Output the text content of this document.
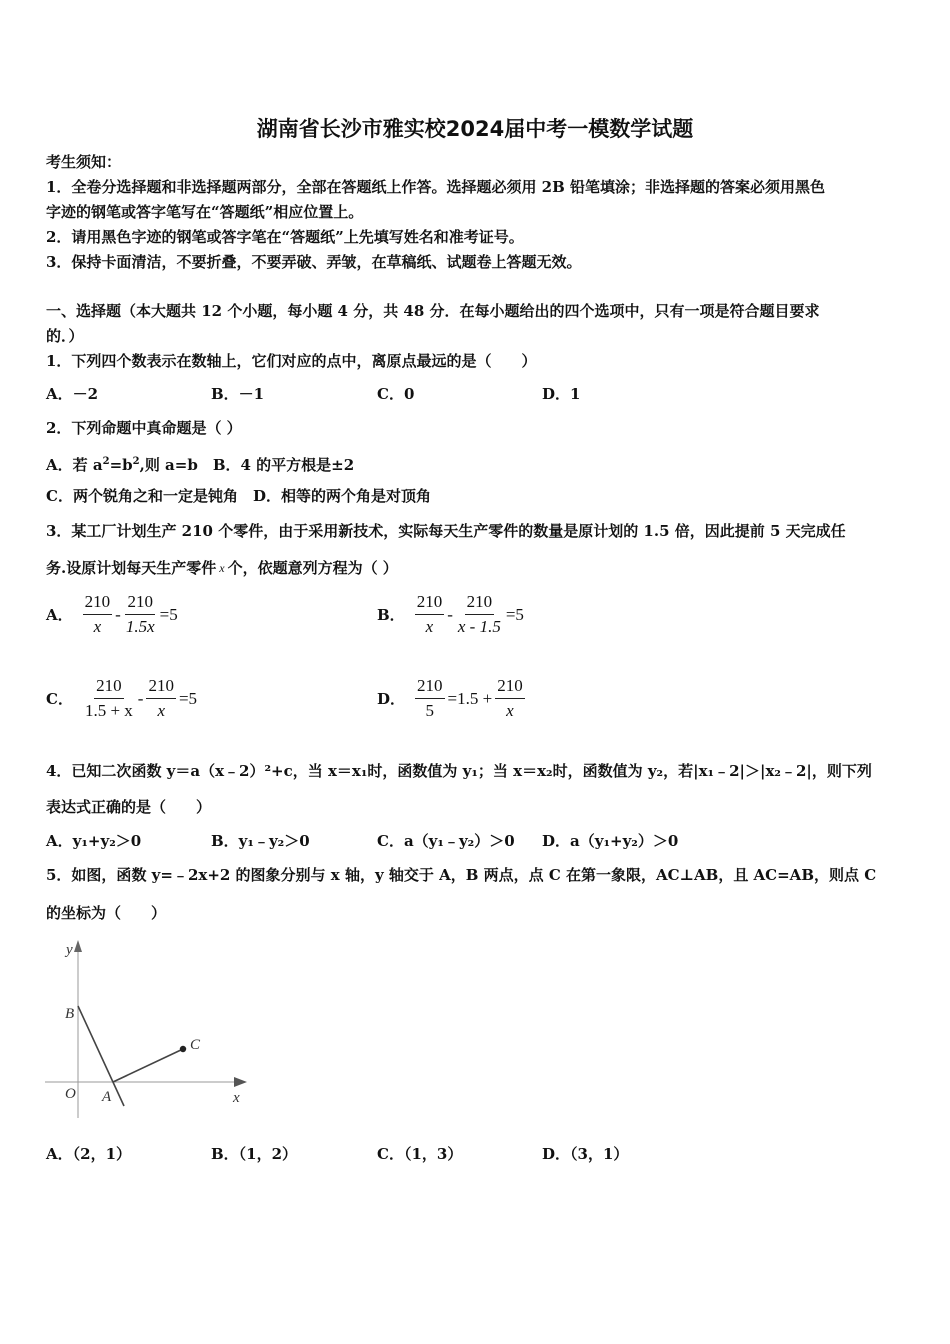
湖南省长沙市雅实校2024届中考一模数学试题
考生须知：
1．全卷分选择题和非选择题两部分，全部在答题纸上作答。选择题必须用 2B 铅笔填涂；非选择题的答案必须用黑色
字迹的钢笔或答字笔写在“答题纸”相应位置上。
2．请用黑色字迹的钢笔或答字笔在“答题纸”上先填写姓名和准考证号。
3．保持卡面清洁，不要折叠，不要弄破、弄皱，在草稿纸、试题卷上答题无效。
一、选择题（本大题共 12 个小题，每小题 4 分，共 48 分．在每小题给出的四个选项中，只有一项是符合题目要求
的．）
1．下列四个数表示在数轴上，它们对应的点中，离原点最远的是（　　）
A．－2	B．－1	C．0	D．1
2．下列命题中真命题是（ ）
A．若 $a^2=b^2$,则 a=b　B．4 的平方根是±2
C．两个锐角之和一定是钝角　D．相等的两个角是对顶角
3．某工厂计划生产 210 个零件，由于采用新技术，实际每天生产零件的数量是原计划的 1.5 倍，因此提前 5 天完成任
务.设原计划每天生产零件 $^x$ 个，依题意列方程为（ ）
A． $\frac{210}{x} - \frac{210}{1.5x} =5$	B． $\frac{210}{x} - \frac{210}{x - 1.5} =5$
C． $\frac{210}{1.5 + x} - \frac{210}{x} =5$	D． $\frac{210}{5} =1.5 + \frac{210}{x}$
4．已知二次函数 y＝a（x﹣2）²+c，当 x＝x₁时，函数值为 y₁；当 x＝x₂时，函数值为 y₂，若|x₁﹣2|＞|x₂﹣2|，则下列
表达式正确的是（　　）
A．y₁+y₂＞0	B．y₁﹣y₂＞0	C．a（y₁﹣y₂）＞0 D．a（y₁+y₂）＞0
5．如图，函数 y=﹣2x+2 的图象分别与 x 轴，y 轴交于 A，B 两点，点 C 在第一象限，AC⊥AB，且 AC=AB，则点 C
的坐标为（　　）
y
x
O A
B
C
A．（2，1）	B．（1，2）	C．（1，3）	D．（3，1）
